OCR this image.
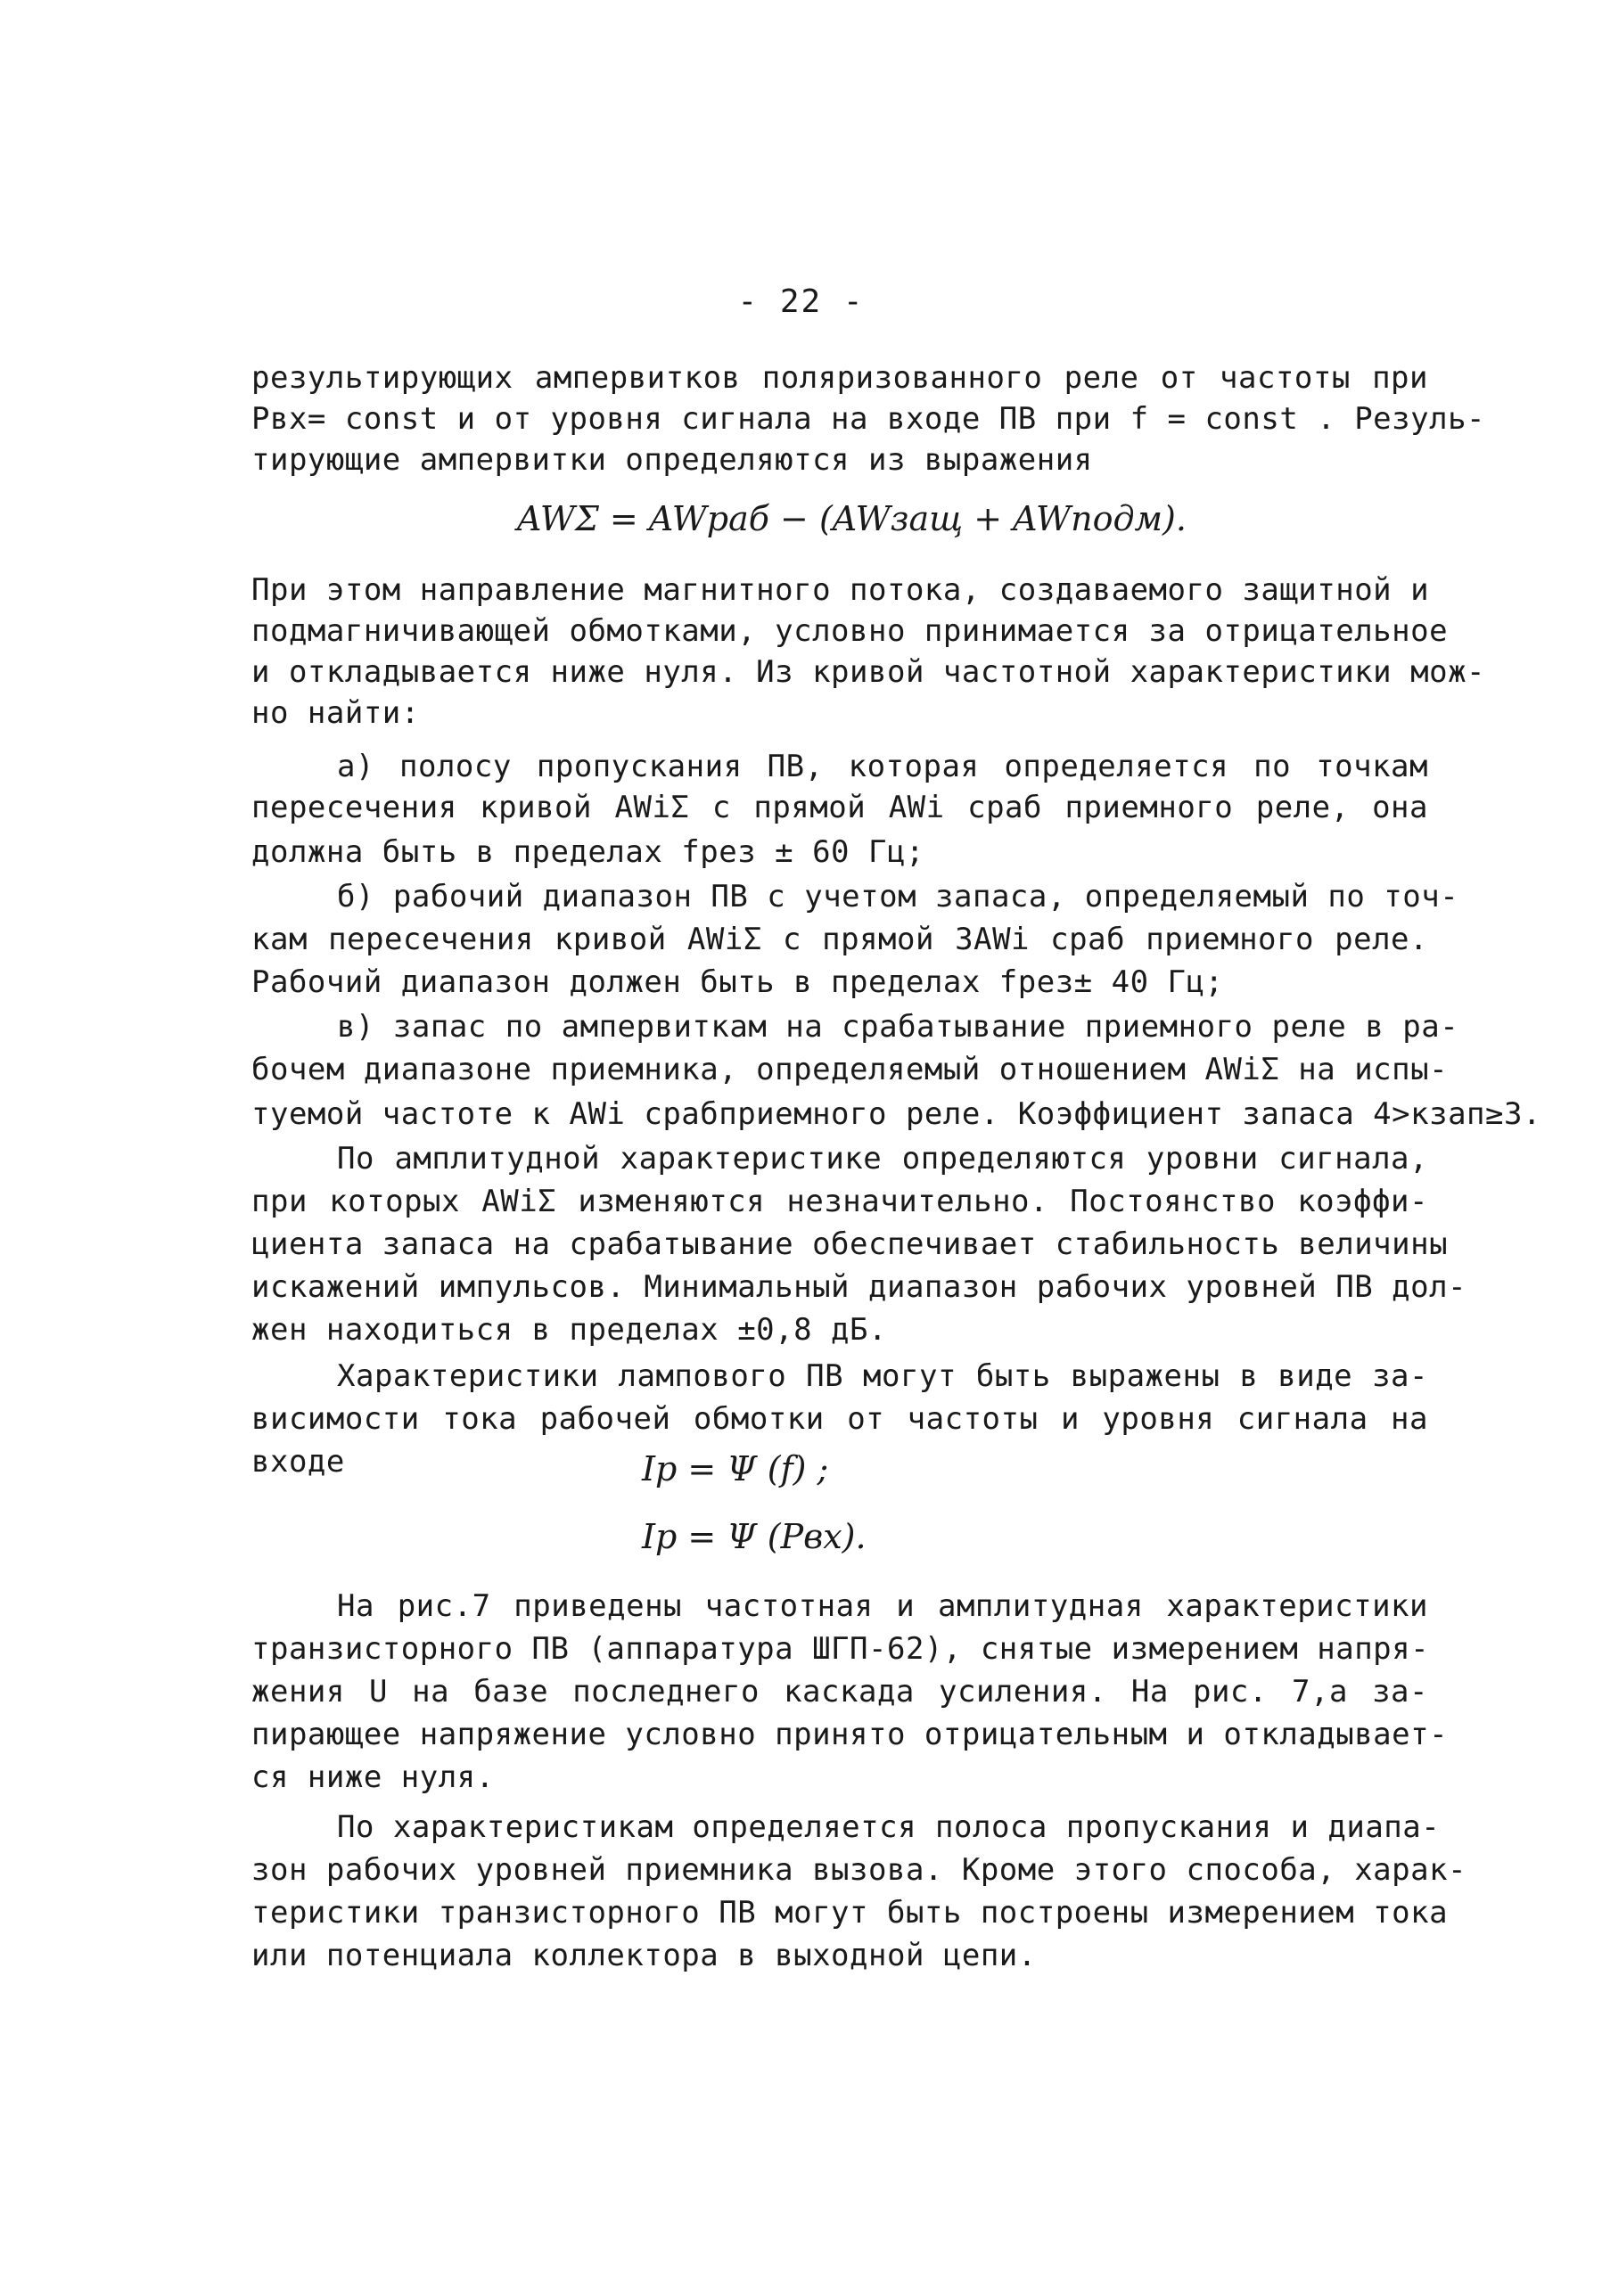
- 22 -
результирующих ампервитков поляризованного реле от частоты при
Рвх= const и от уровня сигнала на входе ПВ при f = const . Резуль-
тирующие ампервитки определяются из выражения
AWΣ = AWраб − (AWзащ + AWподм).
При этом направление магнитного потока, создаваемого защитной и
подмагничивающей обмотками, условно принимается за отрицательное
и откладывается ниже нуля. Из кривой частотной характеристики мож-
но найти:
а) полосу пропускания ПВ, которая определяется по точкам
пересечения кривой AWiΣ с прямой AWi сраб приемного реле, она
должна быть в пределах fрез ± 60 Гц;
б) рабочий диапазон ПВ с учетом запаса, определяемый по точ-
кам пересечения кривой AWiΣ с прямой 3AWi сраб приемного реле.
Рабочий диапазон должен быть в пределах fрез± 40 Гц;
в) запас по ампервиткам на срабатывание приемного реле в ра-
бочем диапазоне приемника, определяемый отношением AWiΣ на испы-
туемой частоте к AWi срабприемного реле. Коэффициент запаса 4>кзап≥3.
По амплитудной характеристике определяются уровни сигнала,
при которых AWiΣ изменяются незначительно. Постоянство коэффи-
циента запаса на срабатывание обеспечивает стабильность величины
искажений импульсов. Минимальный диапазон рабочих уровней ПВ дол-
жен находиться в пределах ±0,8 дБ.
Характеристики лампового ПВ могут быть выражены в виде за-
висимости тока рабочей обмотки от частоты и уровня сигнала на
входе	Iр = Ψ (f) ;
Iр = Ψ (Рвх).
На рис.7 приведены частотная и амплитудная характеристики
транзисторного ПВ (аппаратура ШГП-62), снятые измерением напря-
жения U на базе последнего каскада усиления. На рис. 7,a за-
пирающее напряжение условно принято отрицательным и откладывает-
ся ниже нуля.
По характеристикам определяется полоса пропускания и диапа-
зон рабочих уровней приемника вызова. Кроме этого способа, харак-
теристики транзисторного ПВ могут быть построены измерением тока
или потенциала коллектора в выходной цепи.
